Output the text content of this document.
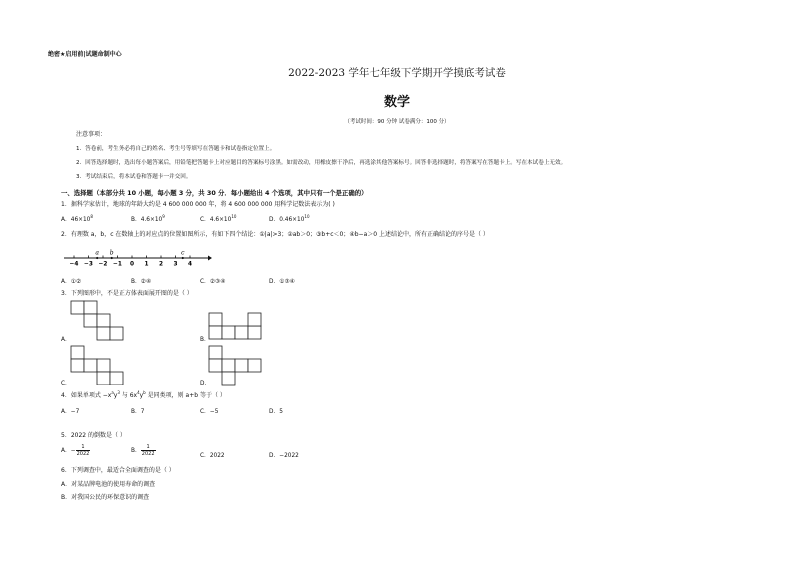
绝密★启用前|试题命制中心
2022-2023 学年七年级下学期开学摸底考试卷
数学
（考试时间：90 分钟 试卷满分：100 分）
注意事项：
1．答卷前，考生务必将自己的姓名、考生号等填写在答题卡和试卷指定位置上。
2．回答选择题时，选出每小题答案后，用铅笔把答题卡上对应题目的答案标号涂黑。如需改动，用橡皮擦干净后，再选涂其他答案标号。回答非选择题时，将答案写在答题卡上。写在本试卷上无效。
3．考试结束后，将本试卷和答题卡一并交回。
一、选择题（本部分共 10 小题，每小题 3 分，共 30 分．每小题给出 4 个选项，其中只有一个是正确的）
1．据科学家估计，地球的年龄大约是 4 600 000 000 年，将 4 600 000 000 用科学记数法表示为( )
A．$46\times 10^8$
B．$4.6\times 10^9$
C．$4.6\times 10^{10}$
D．$0.46\times 10^{10}$
2．有理数 a，b，c 在数轴上的对应点的位置如图所示，有如下四个结论：①|a|>3；②ab＞0；③b+c＜0；④b−a＞0 上述结论中，所有正确结论的序号是（ ）
−4 −3 −2 −1 0 1 2 3 4
a b	c
A．①②	B．②④	C．②③④	D．①③④
3．下列图形中，不是正方体表面展开图的是（ ）
A．	B．
C．	D．
4．如果单项式 $-x^ay^3$ 与 $6x^4y^b$ 是同类项，则 a+b 等于（ ）
A．−7	B．7	C．−5	D．5
5．2022 的倒数是（ ）
A．− $\frac{1}{2022}$	B． $\frac{1}{2022}$	C．2022	D．−2022
6．下列调查中，最适合全面调查的是（ ）
A．对某品牌电池的使用寿命的调查
B．对我国公民的环保意识的调查
